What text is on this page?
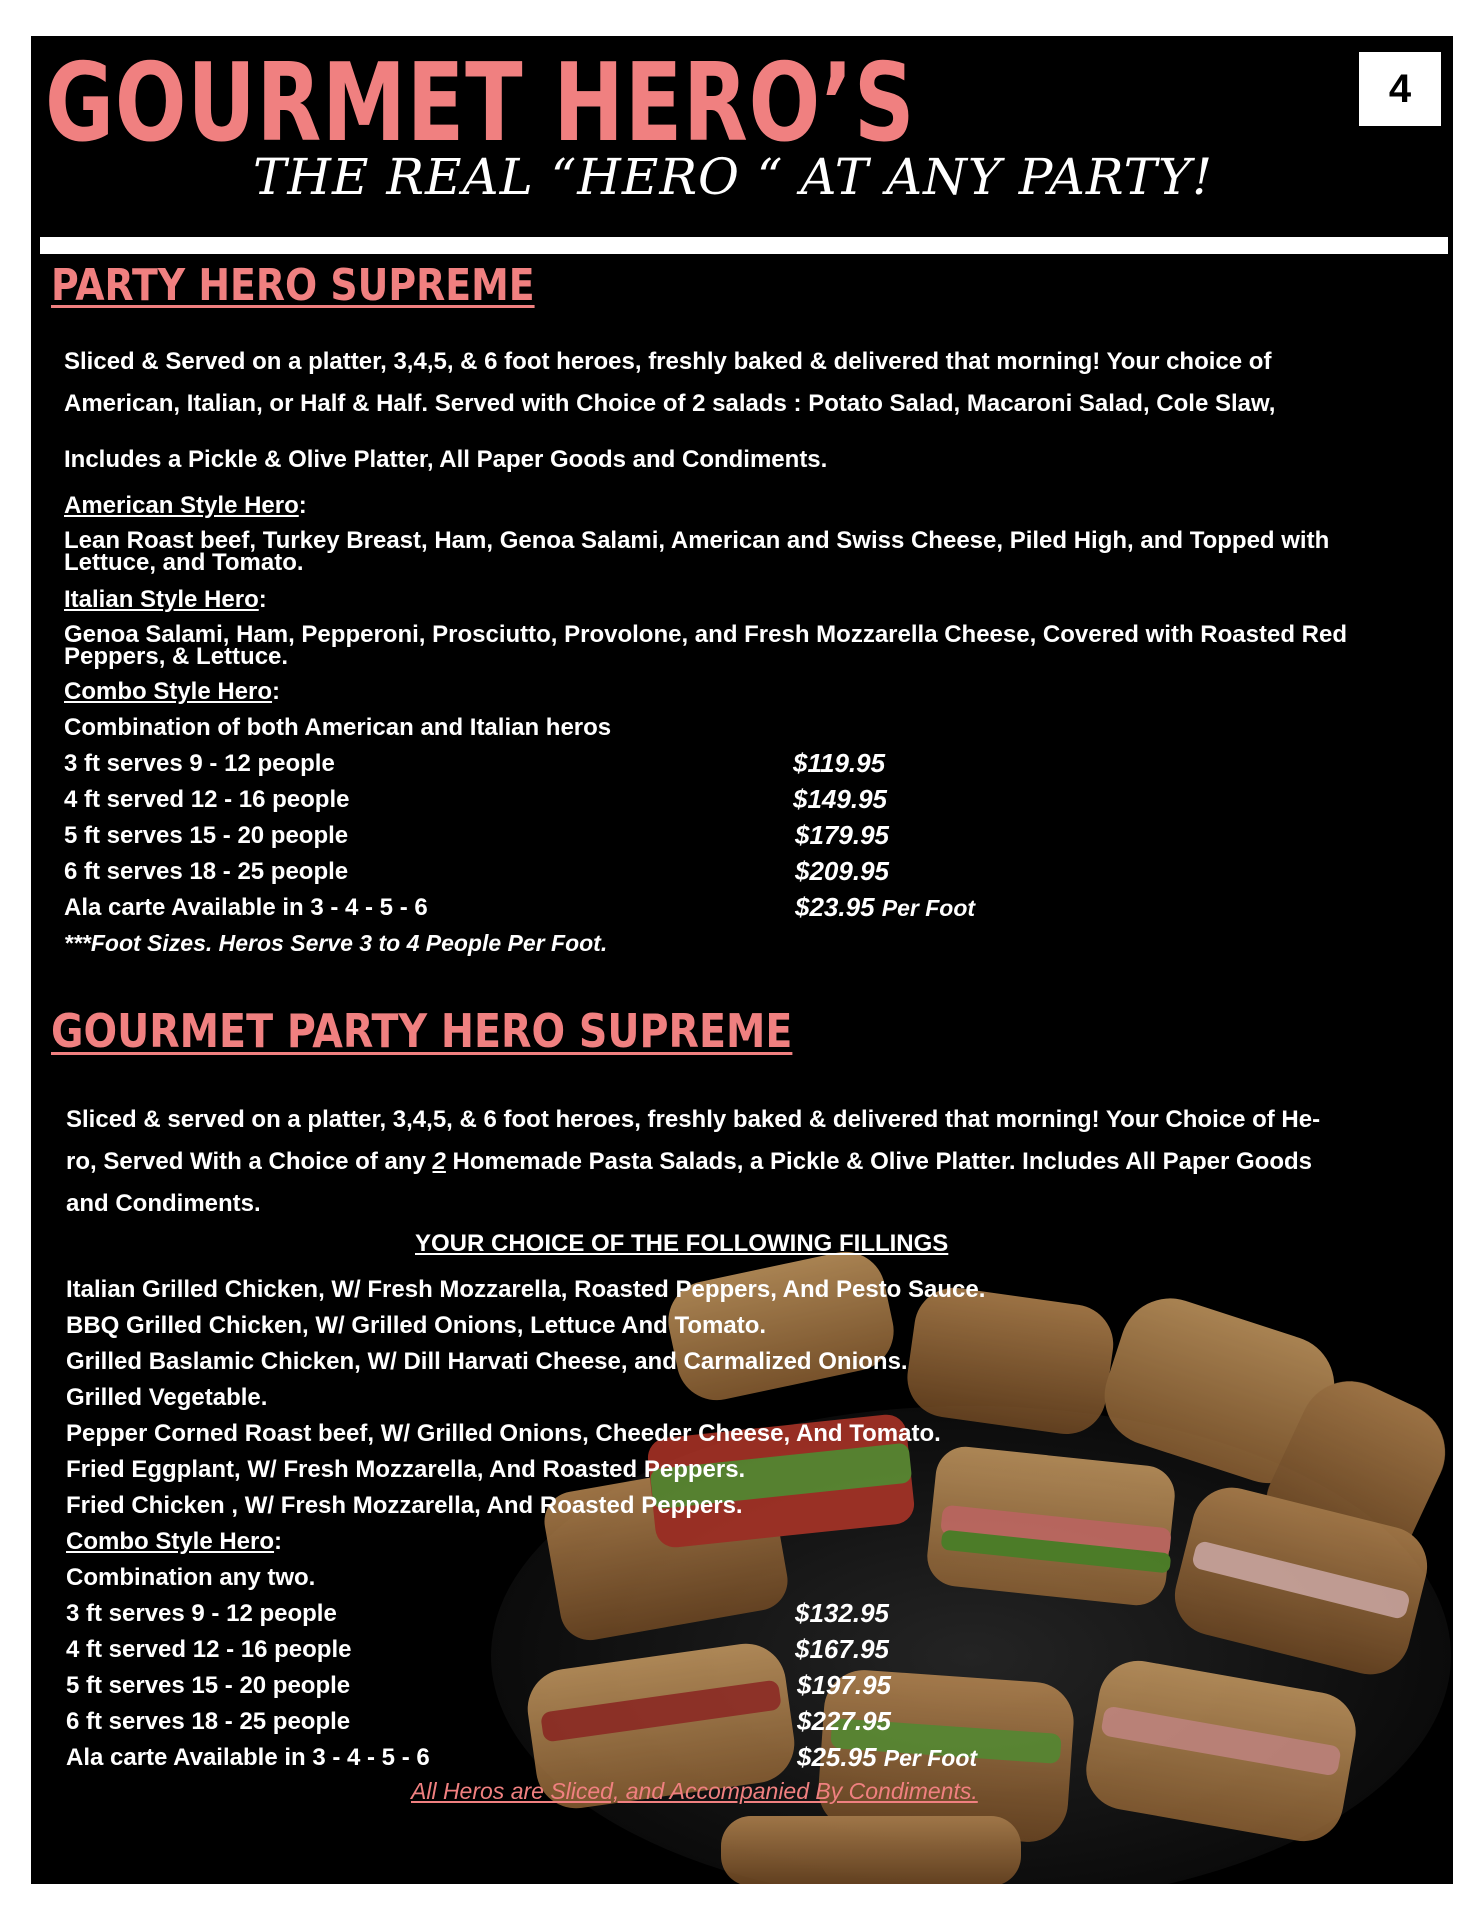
GOURMET HERO’S	4
THE REAL “HERO “ AT ANY PARTY!
PARTY HERO SUPREME

Sliced & Served on a platter, 3,4,5, & 6 foot heroes, freshly baked & delivered that morning! Your choice of

American, Italian, or Half & Half. Served with Choice of 2 salads : Potato Salad, Macaroni Salad, Cole Slaw,

Includes a Pickle & Olive Platter, All Paper Goods and Condiments.

American Style Hero:

Lean Roast beef, Turkey Breast, Ham, Genoa Salami, American and Swiss Cheese, Piled High, and Topped with Lettuce, and Tomato.

Italian Style Hero:

Genoa Salami, Ham, Pepperoni, Prosciutto, Provolone, and Fresh Mozzarella Cheese, Covered with Roasted Red Peppers, & Lettuce.

Combo Style Hero:
Combination of both American and Italian heros
3 ft serves 9 - 12 people	$119.95
4 ft served 12 - 16 people	$149.95
5 ft serves 15 - 20 people	$179.95
6 ft serves 18 - 25 people	$209.95
Ala carte Available in 3 - 4 - 5 - 6	$23.95 Per Foot
***Foot Sizes. Heros Serve 3 to 4 People Per Foot.
GOURMET PARTY HERO SUPREME

Sliced & served on a platter, 3,4,5, & 6 foot heroes, freshly baked & delivered that morning! Your Choice of He-

ro, Served With a Choice of any 2 Homemade Pasta Salads, a Pickle & Olive Platter. Includes All Paper Goods

and Condiments.

YOUR CHOICE OF THE FOLLOWING FILLINGS
Italian Grilled Chicken, W/ Fresh Mozzarella, Roasted Peppers, And Pesto Sauce.
BBQ Grilled Chicken, W/ Grilled Onions, Lettuce And Tomato.
Grilled Baslamic Chicken, W/ Dill Harvati Cheese, and Carmalized Onions.
Grilled Vegetable.
Pepper Corned Roast beef, W/ Grilled Onions, Cheeder Cheese, And Tomato.
Fried Eggplant, W/ Fresh Mozzarella, And Roasted Peppers.
Fried Chicken , W/ Fresh Mozzarella, And Roasted Peppers.
Combo Style Hero:
Combination any two.
3 ft serves 9 - 12 people	$132.95
4 ft served 12 - 16 people	$167.95
5 ft serves 15 - 20 people	$197.95
6 ft serves 18 - 25 people	$227.95
Ala carte Available in 3 - 4 - 5 - 6	$25.95 Per Foot
All Heros are Sliced, and Accompanied By Condiments.
